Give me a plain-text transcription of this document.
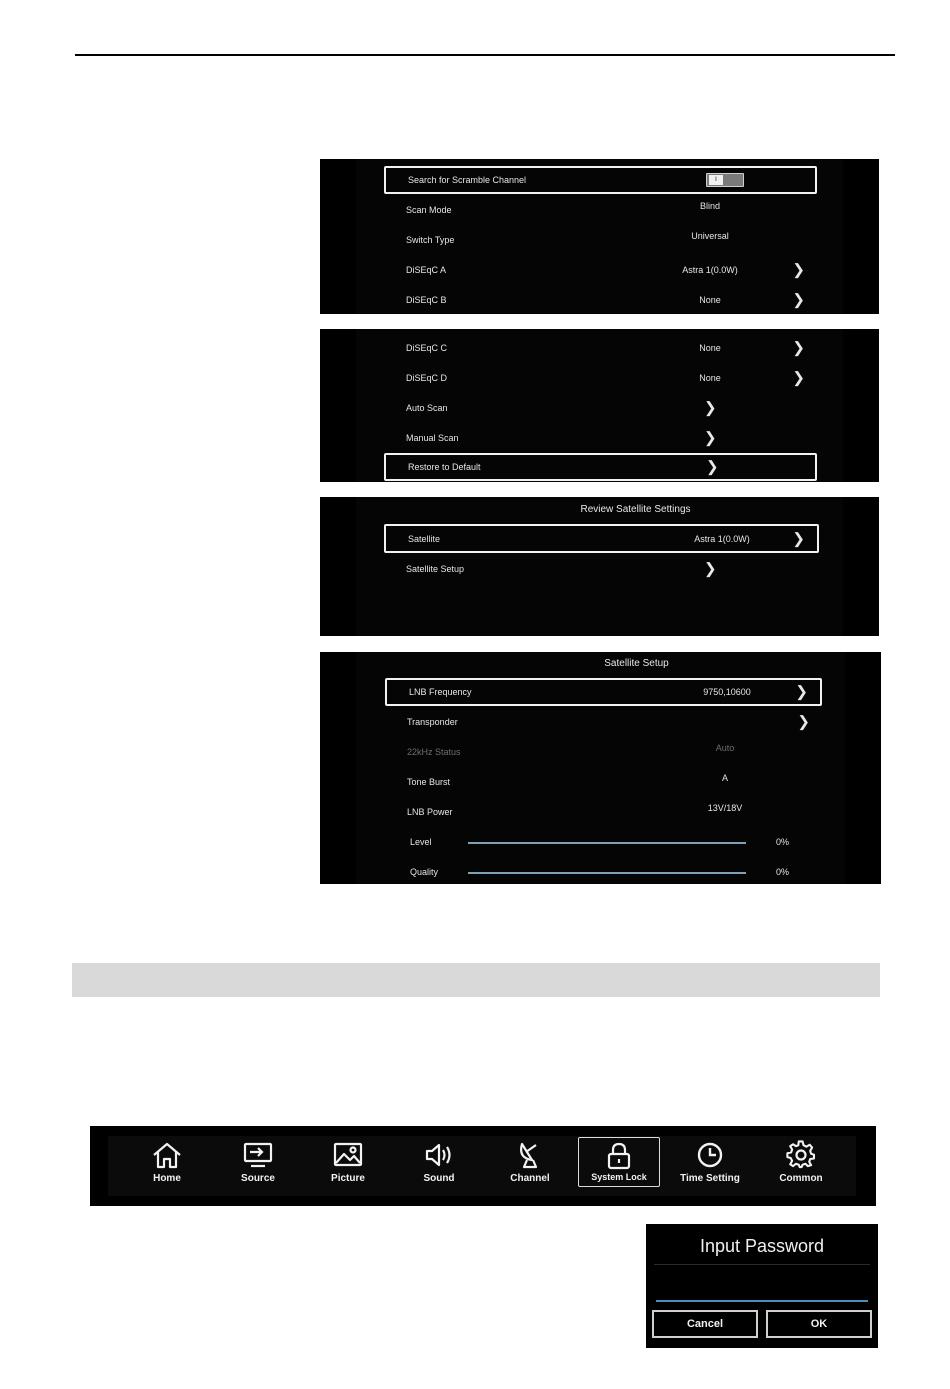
Search for Scramble Channel	I
Scan Mode	Blind
Switch Type	Universal
DiSEqC A	Astra 1(0.0W)	❯
DiSEqC B	None	❯
DiSEqC C	None	❯
DiSEqC D	None	❯
Auto Scan	❯
Manual Scan	❯
Restore to Default	❯
Review Satellite Settings
Satellite	Astra 1(0.0W)	❯
Satellite Setup	❯
Satellite Setup
LNB Frequency	9750,10600	❯
Transponder	❯
22kHz Status	Auto
Tone Burst	A
LNB Power	13V/18V
Level	0%
Quality	0%
Home	Source	Picture	Sound	Channel	System Lock	Time Setting	Common
Input Password
Cancel	OK
